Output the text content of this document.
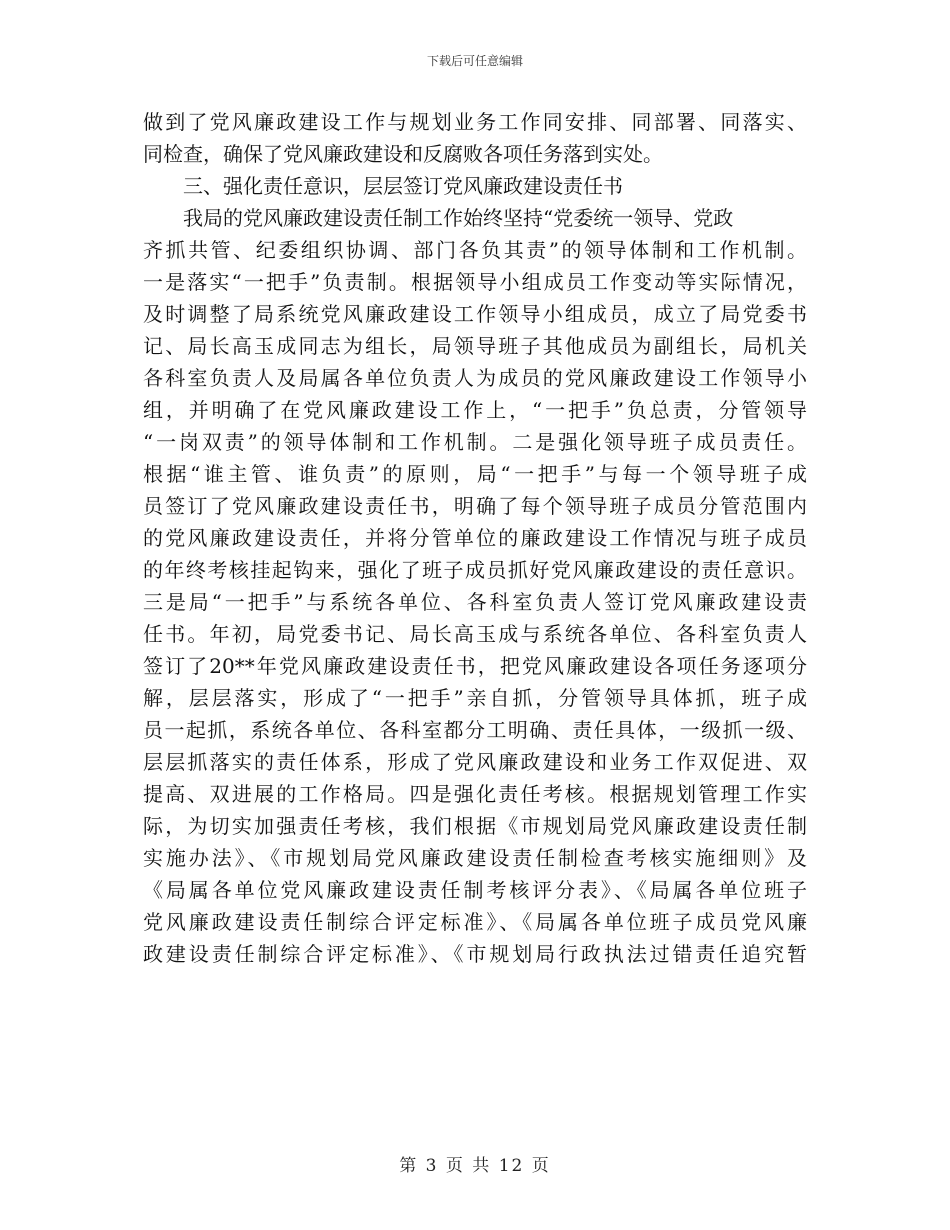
下载后可任意编辑
做到了党风廉政建设工作与规划业务工作同安排、同部署、同落实、
同检查，确保了党风廉政建设和反腐败各项任务落到实处。
三、强化责任意识，层层签订党风廉政建设责任书
我局的党风廉政建设责任制工作始终坚持“党委统一领导、党政
齐抓共管、纪委组织协调、部门各负其责”的领导体制和工作机制。
一是落实“一把手”负责制。根据领导小组成员工作变动等实际情况，
及时调整了局系统党风廉政建设工作领导小组成员，成立了局党委书
记、局长高玉成同志为组长，局领导班子其他成员为副组长，局机关
各科室负责人及局属各单位负责人为成员的党风廉政建设工作领导小
组，并明确了在党风廉政建设工作上，“一把手”负总责，分管领导
“一岗双责”的领导体制和工作机制。二是强化领导班子成员责任。
根据“谁主管、谁负责”的原则，局“一把手”与每一个领导班子成
员签订了党风廉政建设责任书，明确了每个领导班子成员分管范围内
的党风廉政建设责任，并将分管单位的廉政建设工作情况与班子成员
的年终考核挂起钩来，强化了班子成员抓好党风廉政建设的责任意识。
三是局“一把手”与系统各单位、各科室负责人签订党风廉政建设责
任书。年初，局党委书记、局长高玉成与系统各单位、各科室负责人
签订了20**年党风廉政建设责任书，把党风廉政建设各项任务逐项分
解，层层落实，形成了“一把手”亲自抓，分管领导具体抓，班子成
员一起抓，系统各单位、各科室都分工明确、责任具体，一级抓一级、
层层抓落实的责任体系，形成了党风廉政建设和业务工作双促进、双
提高、双进展的工作格局。四是强化责任考核。根据规划管理工作实
际，为切实加强责任考核，我们根据《市规划局党风廉政建设责任制
实施办法》、《市规划局党风廉政建设责任制检查考核实施细则》及
《局属各单位党风廉政建设责任制考核评分表》、《局属各单位班子
党风廉政建设责任制综合评定标准》、《局属各单位班子成员党风廉
政建设责任制综合评定标准》、《市规划局行政执法过错责任追究暂
第 3 页 共 12 页
